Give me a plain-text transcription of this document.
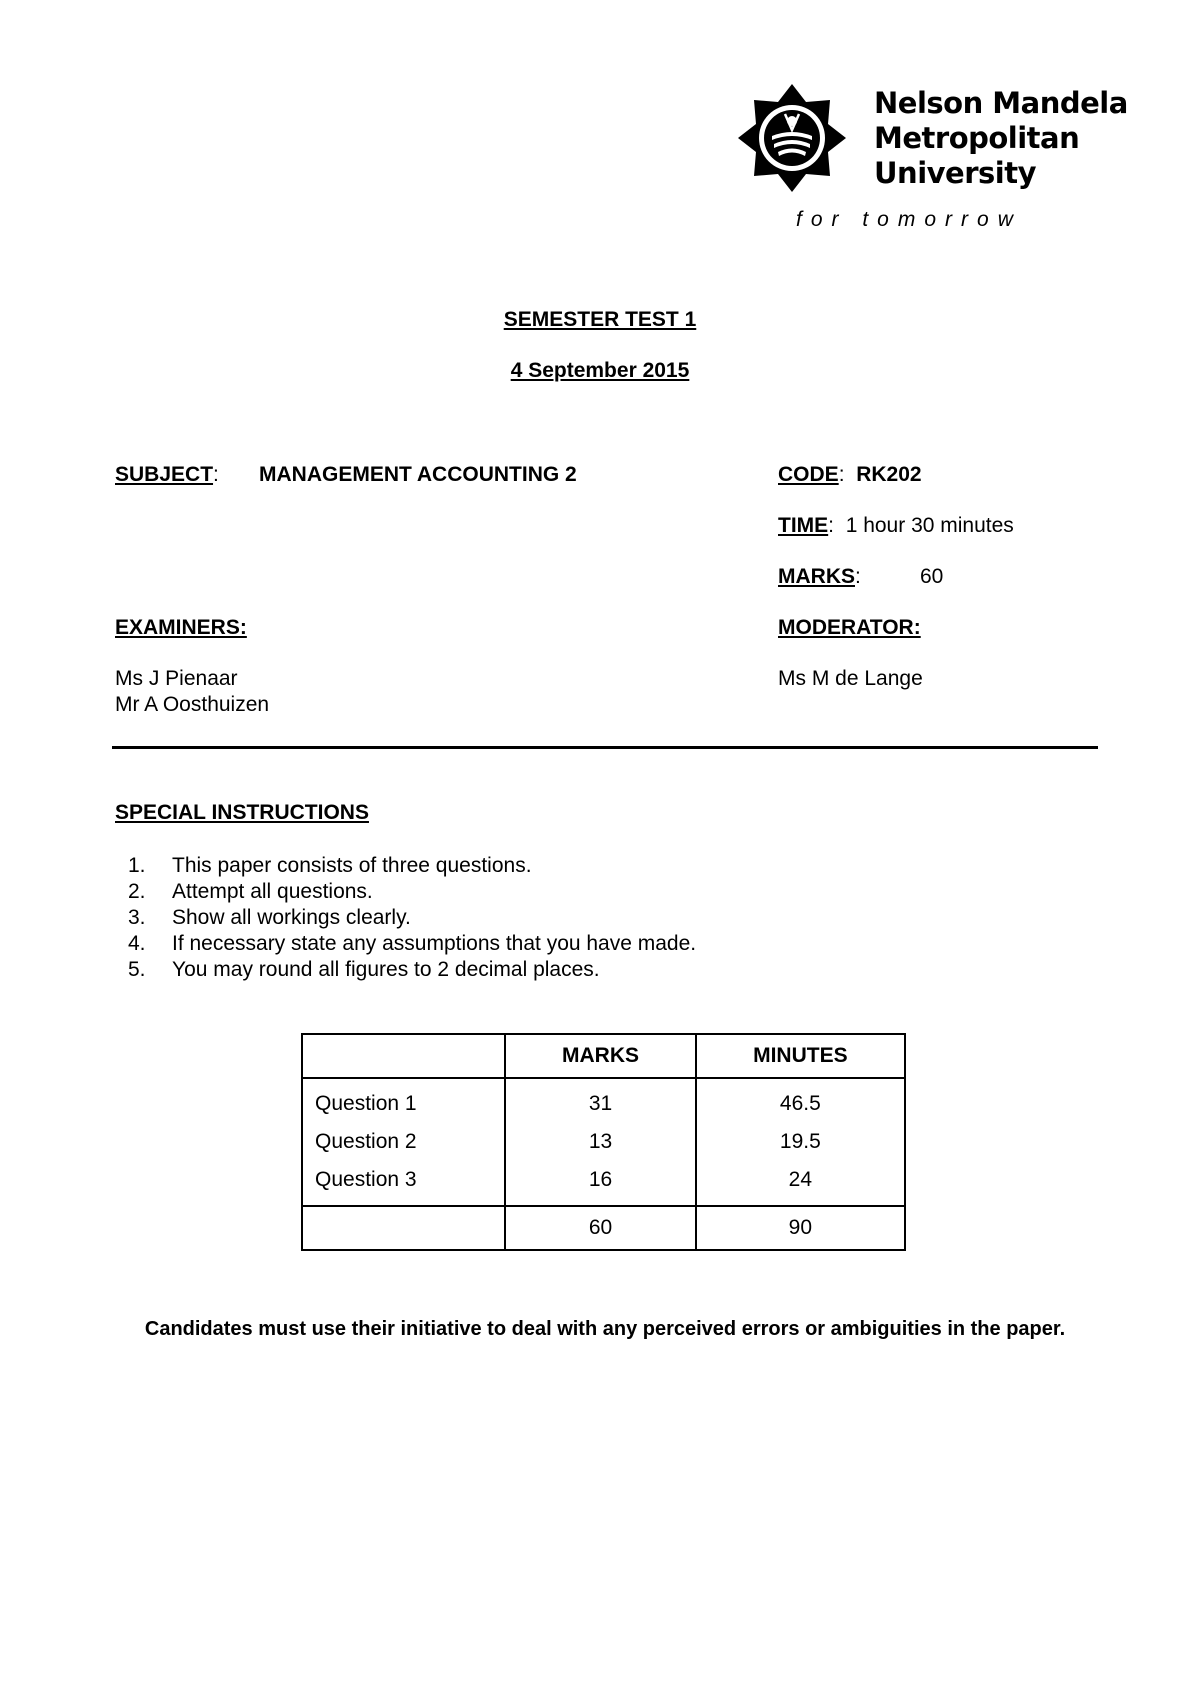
Nelson Mandela
Metropolitan
University
for tomorrow
SEMESTER TEST 1
4 September 2015
SUBJECT: MANAGEMENT ACCOUNTING 2	CODE: RK202
TIME:  1 hour 30 minutes
MARKS:	60
EXAMINERS:
Ms J Pienaar
Mr A Oosthuizen
MODERATOR:
Ms M de Lange
SPECIAL INSTRUCTIONS
1. This paper consists of three questions.
2. Attempt all questions.
3. Show all workings clearly.
4. If necessary state any assumptions that you have made.
5. You may round all figures to 2 decimal places.
	MARKS	MINUTES
Question 1	31	46.5
Question 2	13	19.5
Question 3	16	24
	60	90
Candidates must use their initiative to deal with any perceived errors or ambiguities in the paper.
